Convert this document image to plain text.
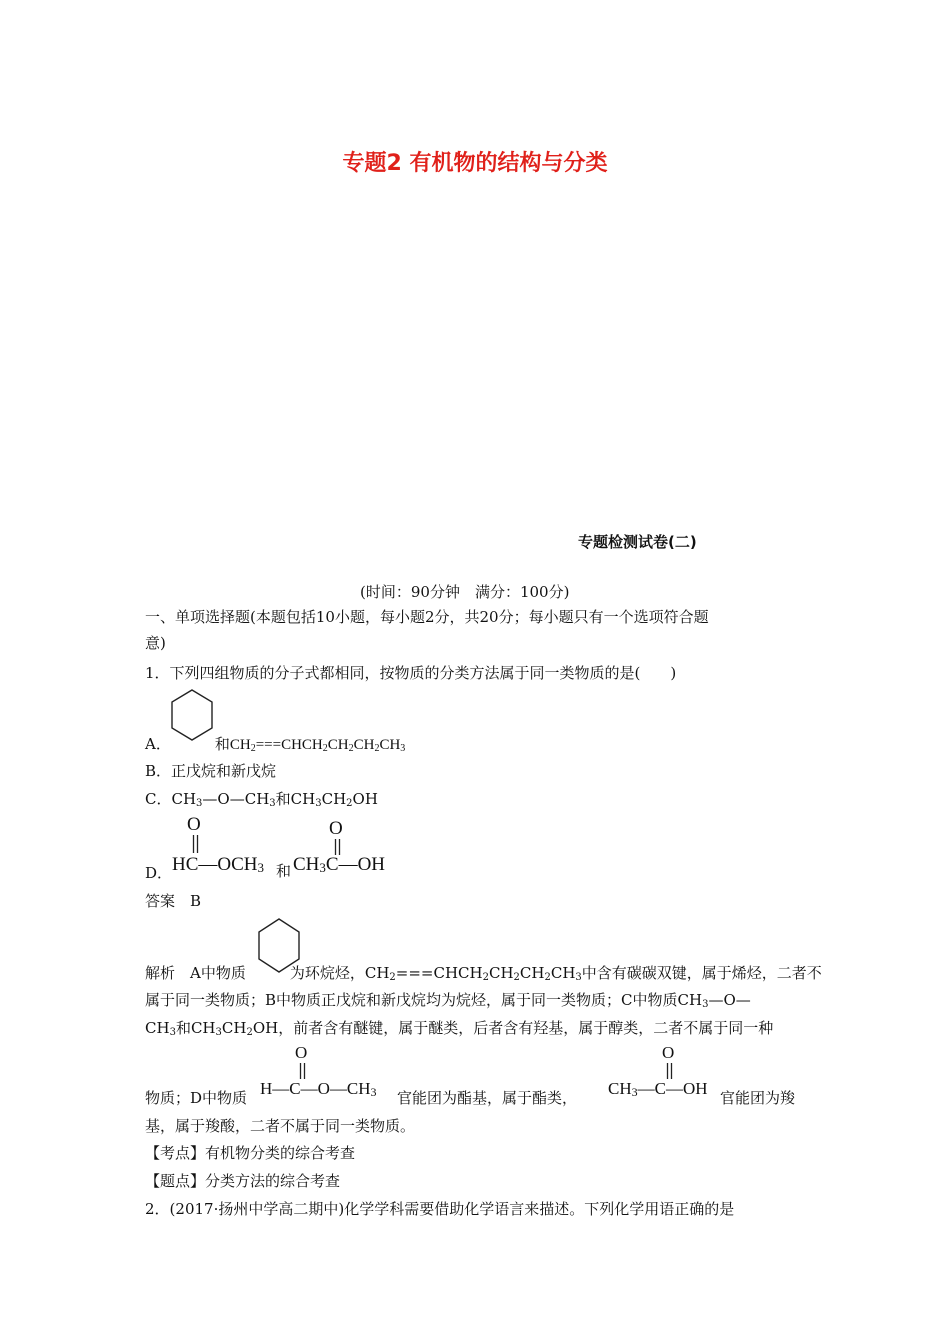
专题2 有机物的结构与分类
专题检测试卷(二)
(时间：90分钟　满分：100分)
一、单项选择题(本题包括10小题，每小题2分，共20分；每小题只有一个选项符合题
意)
1．下列四组物质的分子式都相同，按物质的分类方法属于同一类物质的是(　　)
A．	和$CH_2===CHCH_2CH_2CH_2CH_3$
B．正戊烷和新戊烷
C．$CH_3—O—CH_3$和$CH_3CH_2OH$
D．
O
$HC—OCH_3$ 和
O
$CH_3C—OH$
答案　B
解析　A中物质	为环烷烃，$CH_2===CHCH_2CH_2CH_2CH_3$中含有碳碳双键，属于烯烃，二者不
属于同一类物质；B中物质正戊烷和新戊烷均为烷烃，属于同一类物质；C中物质$CH_3—O—$
$CH_3$和$CH_3CH_2OH$，前者含有醚键，属于醚类，后者含有羟基，属于醇类，二者不属于同一种
O
$H—C—O—CH_3$
O
$CH_3—C—OH$
物质；D中物质	官能团为酯基，属于酯类，	官能团为羧
基，属于羧酸，二者不属于同一类物质。
【考点】有机物分类的综合考查
【题点】分类方法的综合考查
2．(2017·扬州中学高二期中)化学学科需要借助化学语言来描述。下列化学用语正确的是
